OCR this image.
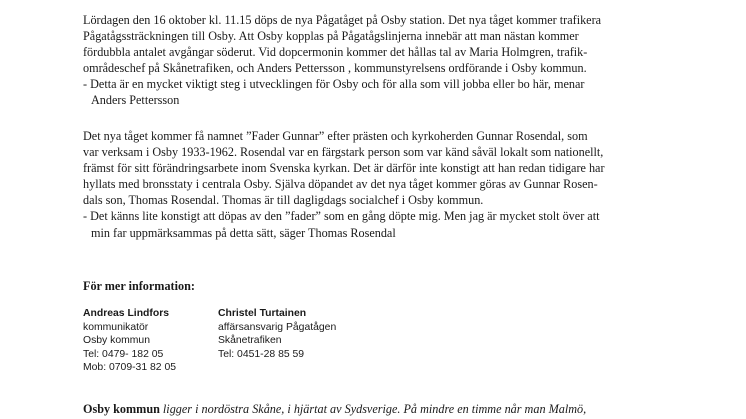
Lördagen den 16 oktober kl. 11.15 döps de nya Pågatåget på Osby station. Det nya tåget kommer trafikera
Pågatågssträckningen till Osby. Att Osby kopplas på Pågatågslinjerna innebär att man nästan kommer
fördubbla antalet avgångar söderut. Vid dopcermonin kommer det hållas tal av Maria Holmgren, trafik-
områdeschef på Skånetrafiken, och Anders Pettersson , kommunstyrelsens ordförande i Osby kommun.
- Detta är en mycket viktigt steg i utvecklingen för Osby och för alla som vill jobba eller bo här, menar
Anders Pettersson

Det nya tåget kommer få namnet ”Fader Gunnar” efter prästen och kyrkoherden Gunnar Rosendal, som
var verksam i Osby 1933-1962. Rosendal var en färgstark person som var känd såväl lokalt som nationellt,
främst för sitt förändringsarbete inom Svenska kyrkan. Det är därför inte konstigt att han redan tidigare har
hyllats med bronsstaty i centrala Osby. Själva döpandet av det nya tåget kommer göras av Gunnar Rosen-
dals son, Thomas Rosendal. Thomas är till dagligdags socialchef i Osby kommun.
- Det känns lite konstigt att döpas av den ”fader” som en gång döpte mig. Men jag är mycket stolt över att
min far uppmärksammas på detta sätt, säger Thomas Rosendal

För mer information:

Andreas Lindfors
kommunikatör
Osby kommun
Tel: 0479- 182 05
Mob: 0709-31 82 05
Christel Turtainen
affärsansvarig Pågatågen
Skånetrafiken
Tel: 0451-28 85 59

Osby kommun ligger i nordöstra Skåne, i hjärtat av Sydsverige. På mindre en timme når man Malmö,
